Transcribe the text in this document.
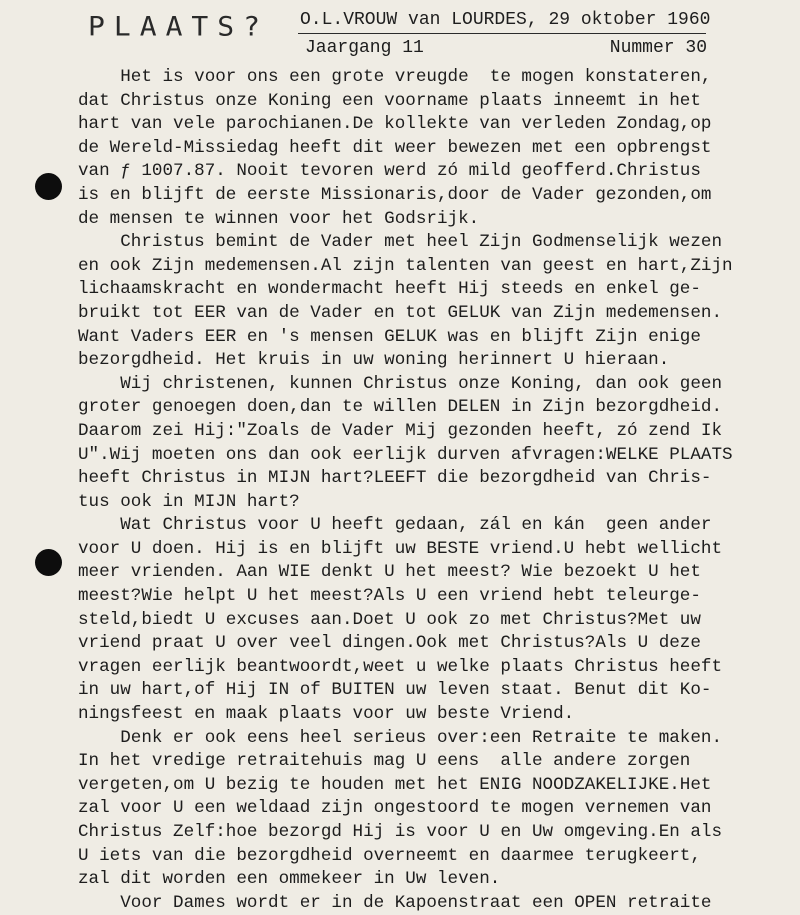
PLAATS? O.L.VROUW van LOURDES, 29 oktober 1960
Jaargang 11	Nummer 30
Het is voor ons een grote vreugde  te mogen konstateren,
dat Christus onze Koning een voorname plaats inneemt in het
hart van vele parochianen.De kollekte van verleden Zondag,op
de Wereld-Missiedag heeft dit weer bewezen met een opbrengst
van ƒ 1007.87. Nooit tevoren werd zó mild geofferd.Christus
is en blijft de eerste Missionaris,door de Vader gezonden,om
de mensen te winnen voor het Godsrijk.
Christus bemint de Vader met heel Zijn Godmenselijk wezen
en ook Zijn medemensen.Al zijn talenten van geest en hart,Zijn
lichaamskracht en wondermacht heeft Hij steeds en enkel ge-
bruikt tot EER van de Vader en tot GELUK van Zijn medemensen.
Want Vaders EER en 's mensen GELUK was en blijft Zijn enige
bezorgdheid. Het kruis in uw woning herinnert U hieraan.
Wij christenen, kunnen Christus onze Koning, dan ook geen
groter genoegen doen,dan te willen DELEN in Zijn bezorgdheid.
Daarom zei Hij:"Zoals de Vader Mij gezonden heeft, zó zend Ik
U".Wij moeten ons dan ook eerlijk durven afvragen:WELKE PLAATS
heeft Christus in MIJN hart?LEEFT die bezorgdheid van Chris-
tus ook in MIJN hart?
Wat Christus voor U heeft gedaan, zál en kán  geen ander
voor U doen. Hij is en blijft uw BESTE vriend.U hebt wellicht
meer vrienden. Aan WIE denkt U het meest? Wie bezoekt U het
meest?Wie helpt U het meest?Als U een vriend hebt teleurge-
steld,biedt U excuses aan.Doet U ook zo met Christus?Met uw
vriend praat U over veel dingen.Ook met Christus?Als U deze
vragen eerlijk beantwoordt,weet u welke plaats Christus heeft
in uw hart,of Hij IN of BUITEN uw leven staat. Benut dit Ko-
ningsfeest en maak plaats voor uw beste Vriend.
Denk er ook eens heel serieus over:een Retraite te maken.
In het vredige retraitehuis mag U eens  alle andere zorgen
vergeten,om U bezig te houden met het ENIG NOODZAKELIJKE.Het
zal voor U een weldaad zijn ongestoord te mogen vernemen van
Christus Zelf:hoe bezorgd Hij is voor U en Uw omgeving.En als
U iets van die bezorgdheid overneemt en daarmee terugkeert,
zal dit worden een ommekeer in Uw leven.
Voor Dames wordt er in de Kapoenstraat een OPEN retraite
